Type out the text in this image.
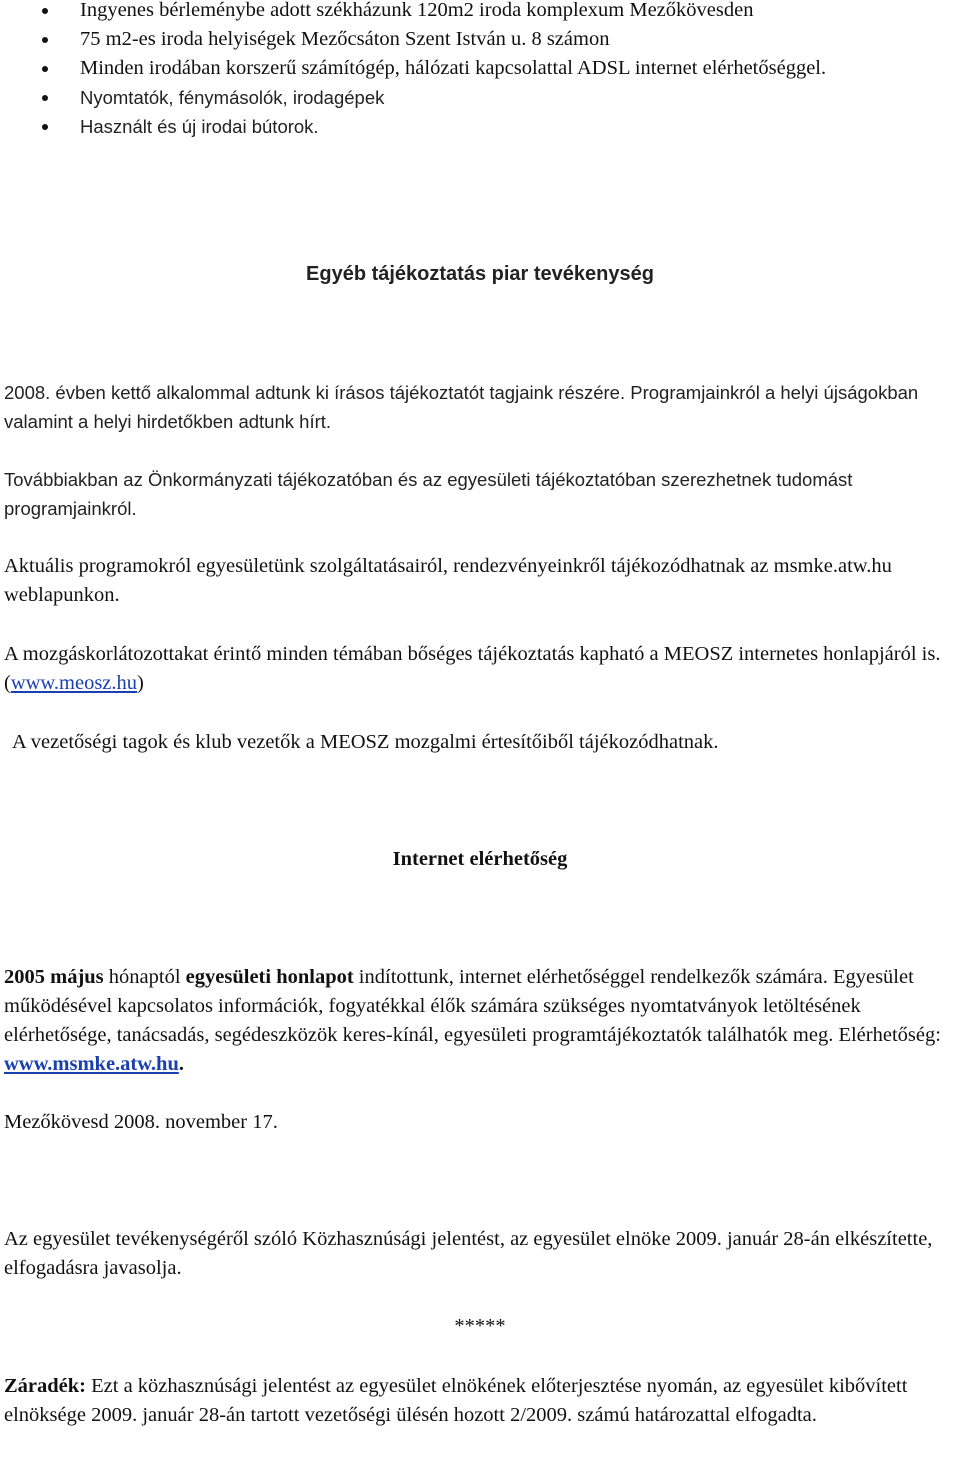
Ingyenes bérleménybe adott székházunk 120m2 iroda komplexum Mezőkövesden
75 m2-es iroda helyiségek Mezőcsáton Szent István u. 8 számon
Minden irodában korszerű számítógép, hálózati kapcsolattal ADSL internet elérhetőséggel.
Nyomtatók, fénymásolók, irodagépek
Használt és új irodai bútorok.
Egyéb tájékoztatás piar tevékenység
2008. évben kettő alkalommal adtunk ki írásos tájékoztatót tagjaink részére. Programjainkról a helyi újságokban valamint a helyi hirdetőkben adtunk hírt.
Továbbiakban az Önkormányzati tájékozatóban és az egyesületi tájékoztatóban szerezhetnek tudomást programjainkról.
Aktuális programokról egyesületünk szolgáltatásairól, rendezvényeinkről tájékozódhatnak az msmke.atw.hu weblapunkon.
A mozgáskorlátozottakat érintő minden témában bőséges tájékoztatás kapható a MEOSZ internetes honlapjáról is. (www.meosz.hu)
A vezetőségi tagok és klub vezetők a MEOSZ mozgalmi értesítőiből tájékozódhatnak.
Internet elérhetőség
2005 május hónaptól egyesületi honlapot indítottunk, internet elérhetőséggel rendelkezők számára. Egyesület működésével kapcsolatos információk, fogyatékkal élők számára szükséges nyomtatványok letöltésének elérhetősége, tanácsadás, segédeszközök keres-kínál, egyesületi programtájékoztatók találhatók meg. Elérhetőség: www.msmke.atw.hu.
Mezőkövesd 2008. november 17.
Az egyesület tevékenységéről szóló Közhasznúsági jelentést, az egyesület elnöke 2009. január 28-án elkészítette, elfogadásra javasolja.
*****
Záradék: Ezt a közhasznúsági jelentést az egyesület elnökének előterjesztése nyomán, az egyesület kibővített elnöksége 2009. január 28-án tartott vezetőségi ülésén hozott 2/2009. számú határozattal elfogadta.
